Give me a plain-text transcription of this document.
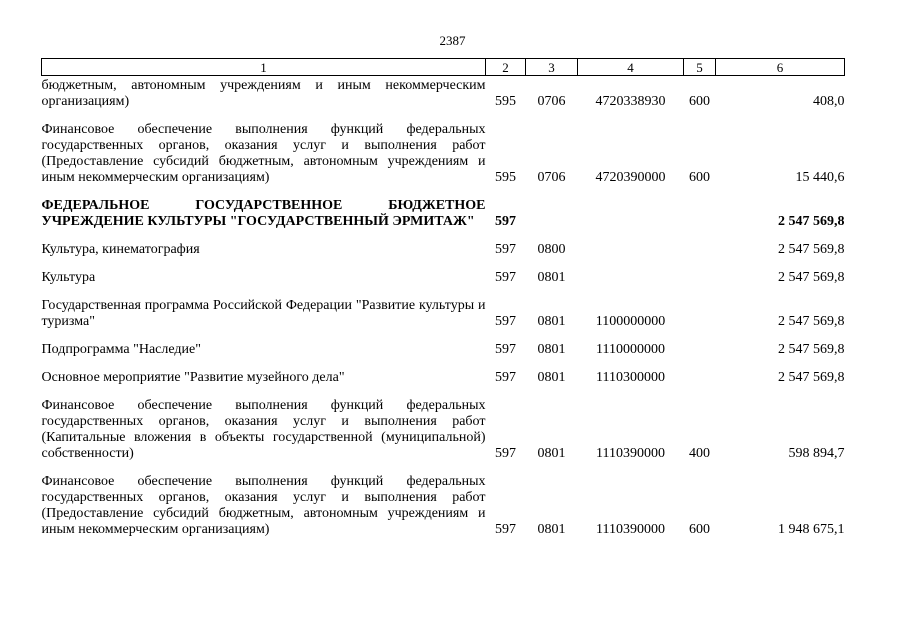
2387
1	2	3	4	5	6
бюджетным, автономным учреждениям и иным некоммерческим организациям)	595	0706	4720338930	600	408,0
Финансовое обеспечение выполнения функций федеральных государственных органов, оказания услуг и выполнения работ (Предоставление субсидий бюджетным, автономным учреждениям и иным некоммерческим организациям)	595	0706	4720390000	600	15 440,6
ФЕДЕРАЛЬНОЕ ГОСУДАРСТВЕННОЕ БЮДЖЕТНОЕ УЧРЕЖДЕНИЕ КУЛЬТУРЫ "ГОСУДАРСТВЕННЫЙ ЭРМИТАЖ"	597				2 547 569,8
Культура, кинематография	597	0800			2 547 569,8
Культура	597	0801			2 547 569,8
Государственная программа Российской Федерации "Развитие культуры и туризма"	597	0801	1100000000		2 547 569,8
Подпрограмма "Наследие"	597	0801	1110000000		2 547 569,8
Основное мероприятие "Развитие музейного дела"	597	0801	1110300000		2 547 569,8
Финансовое обеспечение выполнения функций федеральных государственных органов, оказания услуг и выполнения работ (Капитальные вложения в объекты государственной (муниципальной) собственности)	597	0801	1110390000	400	598 894,7
Финансовое обеспечение выполнения функций федеральных государственных органов, оказания услуг и выполнения работ (Предоставление субсидий бюджетным, автономным учреждениям и иным некоммерческим организациям)	597	0801	1110390000	600	1 948 675,1
